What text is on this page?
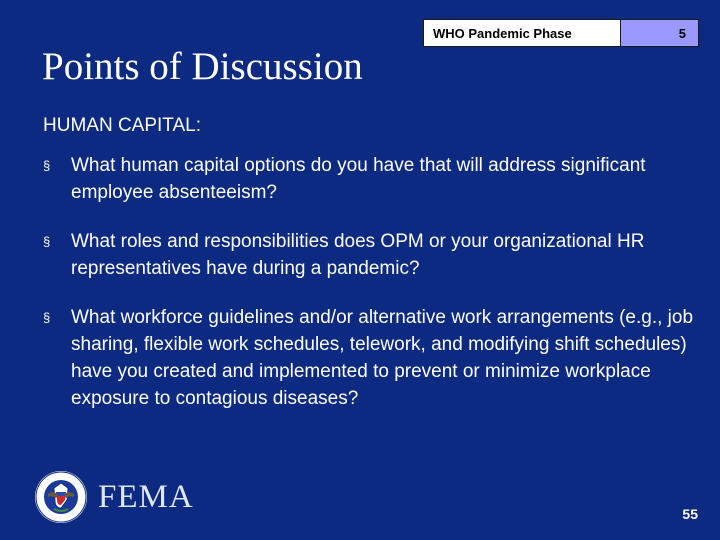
WHO Pandemic Phase	5
Points of Discussion
HUMAN CAPITAL:
§	What human capital options do you have that will address significant employee absenteeism?
§	What roles and responsibilities does OPM or your organizational HR representatives have during a pandemic?
§	What workforce guidelines and/or alternative work arrangements (e.g., job sharing, flexible work schedules, telework, and modifying shift schedules) have you created and implemented to prevent or minimize workplace exposure to contagious diseases?
FEMA	55
